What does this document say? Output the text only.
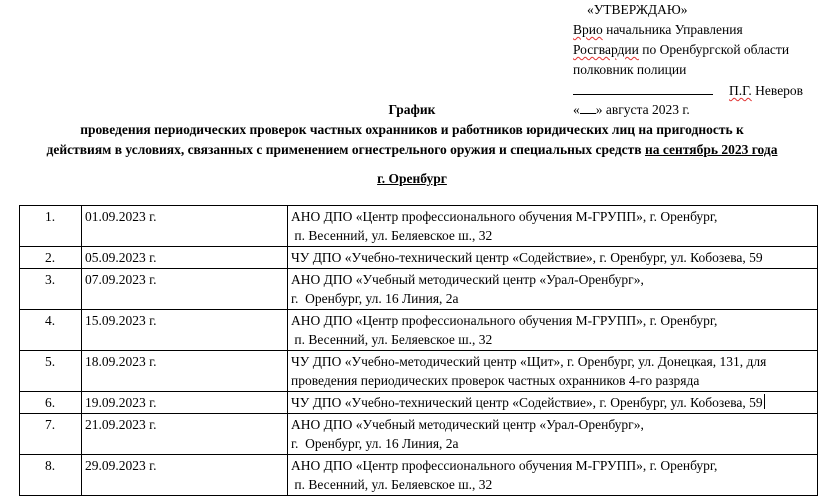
«УТВЕРЖДАЮ»
Врио начальника Управления
Росгвардии по Оренбургской области
полковник полиции
П.Г. Неверов
« » августа 2023 г.
График
проведения периодических проверок частных охранников и работников юридических лиц на пригодность к
действиям в условиях, связанных с применением огнестрельного оружия и специальных средств на сентябрь 2023 года
г. Оренбург
1.	01.09.2023 г.	АНО ДПО «Центр профессионального обучения М-ГРУПП», г. Оренбург,
п. Весенний, ул. Беляевское ш., 32

2.	05.09.2023 г.	ЧУ ДПО «Учебно-технический центр «Содействие», г. Оренбург, ул. Кобозева, 59

3.	07.09.2023 г.	АНО ДПО «Учебный методический центр «Урал-Оренбург»,
г.  Оренбург, ул. 16 Линия, 2а

4.	15.09.2023 г.	АНО ДПО «Центр профессионального обучения М-ГРУПП», г. Оренбург,
п. Весенний, ул. Беляевское ш., 32

5.	18.09.2023 г.	ЧУ ДПО «Учебно-методический центр «Щит», г. Оренбург, ул. Донецкая, 131, для
проведения периодических проверок частных охранников 4-го разряда

6.	19.09.2023 г.	ЧУ ДПО «Учебно-технический центр «Содействие», г. Оренбург, ул. Кобозева, 59

7.	21.09.2023 г.	АНО ДПО «Учебный методический центр «Урал-Оренбург»,
г.  Оренбург, ул. 16 Линия, 2а

8.	29.09.2023 г.	АНО ДПО «Центр профессионального обучения М-ГРУПП», г. Оренбург,
п. Весенний, ул. Беляевское ш., 32
